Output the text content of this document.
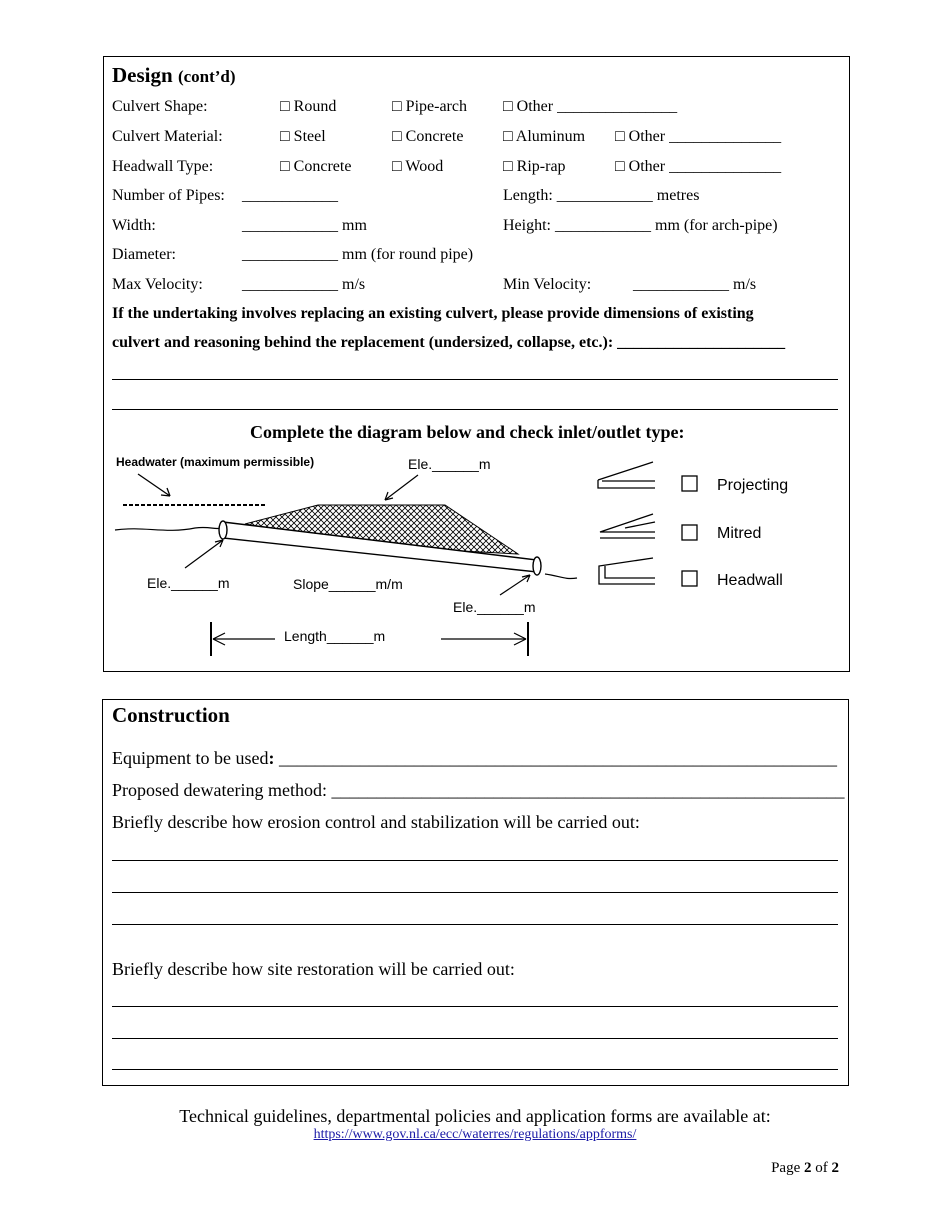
Design (cont’d)
Culvert Shape:	□ Round	□ Pipe-arch □ Other _______________
Culvert Material:	□ Steel	□ Concrete □ Aluminum □ Other ______________
Headwall Type:	□ Concrete	□ Wood	□ Rip-rap	□ Other ______________
Number of Pipes: ____________	Length: ____________ metres
Width:	____________ mm	Height: ____________ mm (for arch-pipe)
Diameter:	____________ mm (for round pipe)
Max Velocity: ____________ m/s	Min Velocity:	____________ m/s
If the undertaking involves replacing an existing culvert, please provide dimensions of existing
culvert and reasoning behind the replacement (undersized, collapse, etc.): _____________________
Complete the diagram below and check inlet/outlet type:
Headwater (maximum permissible)	Ele.______m
Ele.______m	Slope______m/m
Ele.______m
Length______m
Projecting
Mitred
Headwall
Construction
Equipment to be used: ______________________________________________________________
Proposed dewatering method: _________________________________________________________
Briefly describe how erosion control and stabilization will be carried out:
Briefly describe how site restoration will be carried out:
Technical guidelines, departmental policies and application forms are available at:
https://www.gov.nl.ca/ecc/waterres/regulations/appforms/
Page 2 of 2
